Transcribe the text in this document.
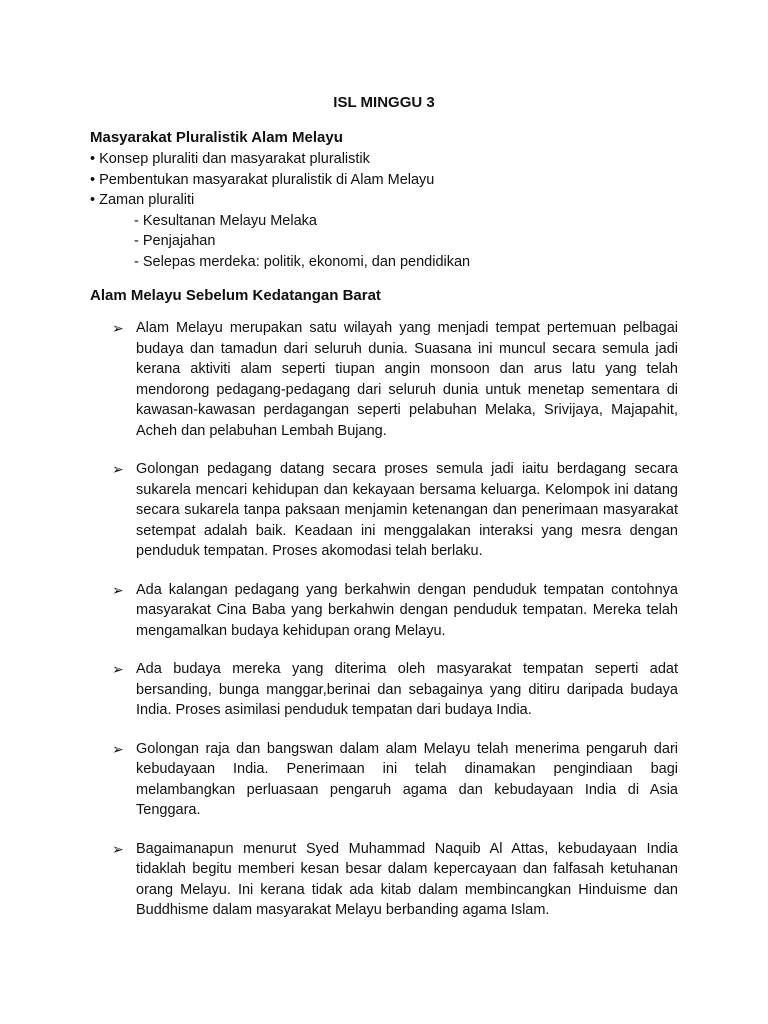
ISL MINGGU 3
Masyarakat Pluralistik Alam Melayu
• Konsep pluraliti dan masyarakat pluralistik
• Pembentukan masyarakat pluralistik di Alam Melayu
• Zaman pluraliti
- Kesultanan Melayu Melaka
- Penjajahan
- Selepas merdeka: politik, ekonomi, dan pendidikan
Alam Melayu Sebelum Kedatangan Barat
➢ Alam Melayu merupakan satu wilayah yang menjadi tempat pertemuan pelbagai budaya dan tamadun dari seluruh dunia. Suasana ini muncul secara semula jadi kerana aktiviti alam seperti tiupan angin monsoon dan arus latu yang telah mendorong pedagang-pedagang dari seluruh dunia untuk menetap sementara di kawasan-kawasan perdagangan seperti pelabuhan Melaka, Srivijaya, Majapahit, Acheh dan pelabuhan Lembah Bujang.
➢ Golongan pedagang datang secara proses semula jadi iaitu berdagang secara sukarela mencari kehidupan dan kekayaan bersama keluarga. Kelompok ini datang secara sukarela tanpa paksaan menjamin ketenangan dan penerimaan masyarakat setempat adalah baik. Keadaan ini menggalakan interaksi yang mesra dengan penduduk tempatan. Proses akomodasi telah berlaku.
➢ Ada kalangan pedagang yang berkahwin dengan penduduk tempatan contohnya masyarakat Cina Baba yang berkahwin dengan penduduk tempatan. Mereka telah mengamalkan budaya kehidupan orang Melayu.
➢ Ada budaya mereka yang diterima oleh masyarakat tempatan seperti adat bersanding, bunga manggar,berinai dan sebagainya yang ditiru daripada budaya India. Proses asimilasi penduduk tempatan dari budaya India.
➢ Golongan raja dan bangswan dalam alam Melayu telah menerima pengaruh dari kebudayaan India. Penerimaan ini telah dinamakan pengindiaan bagi melambangkan perluasaan pengaruh agama dan kebudayaan India di Asia Tenggara.
➢ Bagaimanapun menurut Syed Muhammad Naquib Al Attas, kebudayaan India tidaklah begitu memberi kesan besar dalam kepercayaan dan falfasah ketuhanan orang Melayu. Ini kerana tidak ada kitab dalam membincangkan Hinduisme dan Buddhisme dalam masyarakat Melayu berbanding agama Islam.
